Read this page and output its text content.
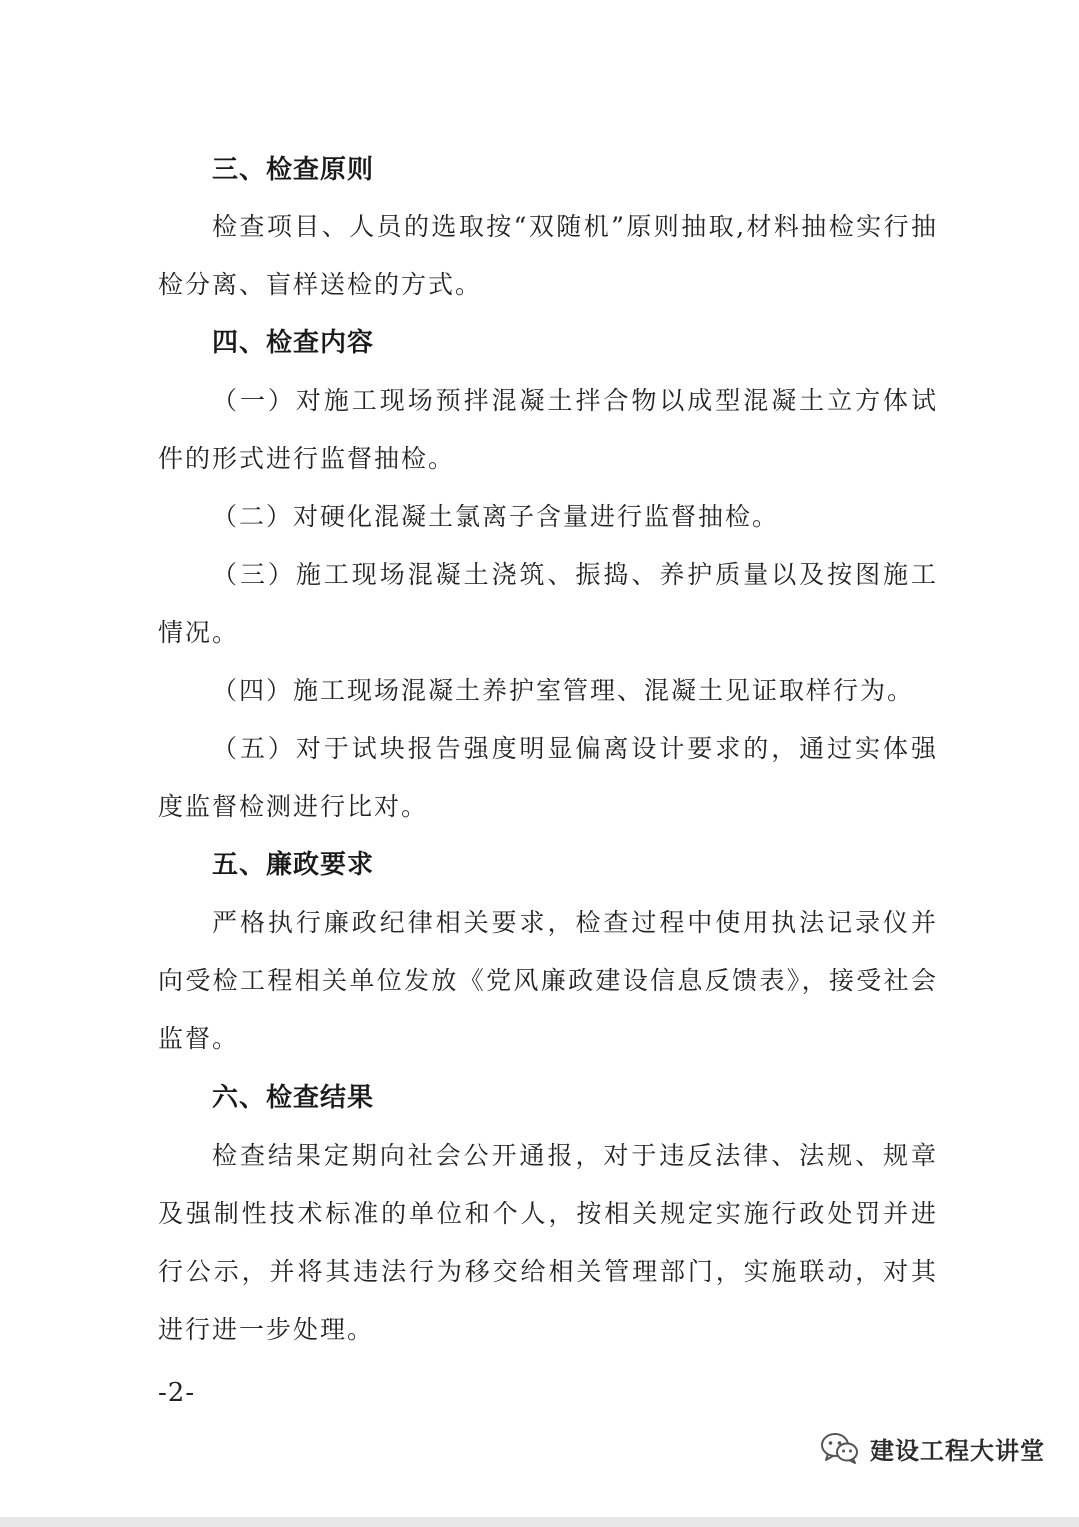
三、检查原则

检查项目、人员的选取按“双随机”原则抽取,材料抽检实行抽检分离、盲样送检的方式。

四、检查内容

（一）对施工现场预拌混凝土拌合物以成型混凝土立方体试件的形式进行监督抽检。

（二）对硬化混凝土氯离子含量进行监督抽检。

（三）施工现场混凝土浇筑、振捣、养护质量以及按图施工情况。

（四）施工现场混凝土养护室管理、混凝土见证取样行为。

（五）对于试块报告强度明显偏离设计要求的，通过实体强度监督检测进行比对。

五、廉政要求

严格执行廉政纪律相关要求，检查过程中使用执法记录仪并向受检工程相关单位发放《党风廉政建设信息反馈表》，接受社会监督。

六、检查结果

检查结果定期向社会公开通报，对于违反法律、法规、规章及强制性技术标准的单位和个人，按相关规定实施行政处罚并进行公示，并将其违法行为移交给相关管理部门，实施联动，对其进行进一步处理。

-2-
建设工程大讲堂
